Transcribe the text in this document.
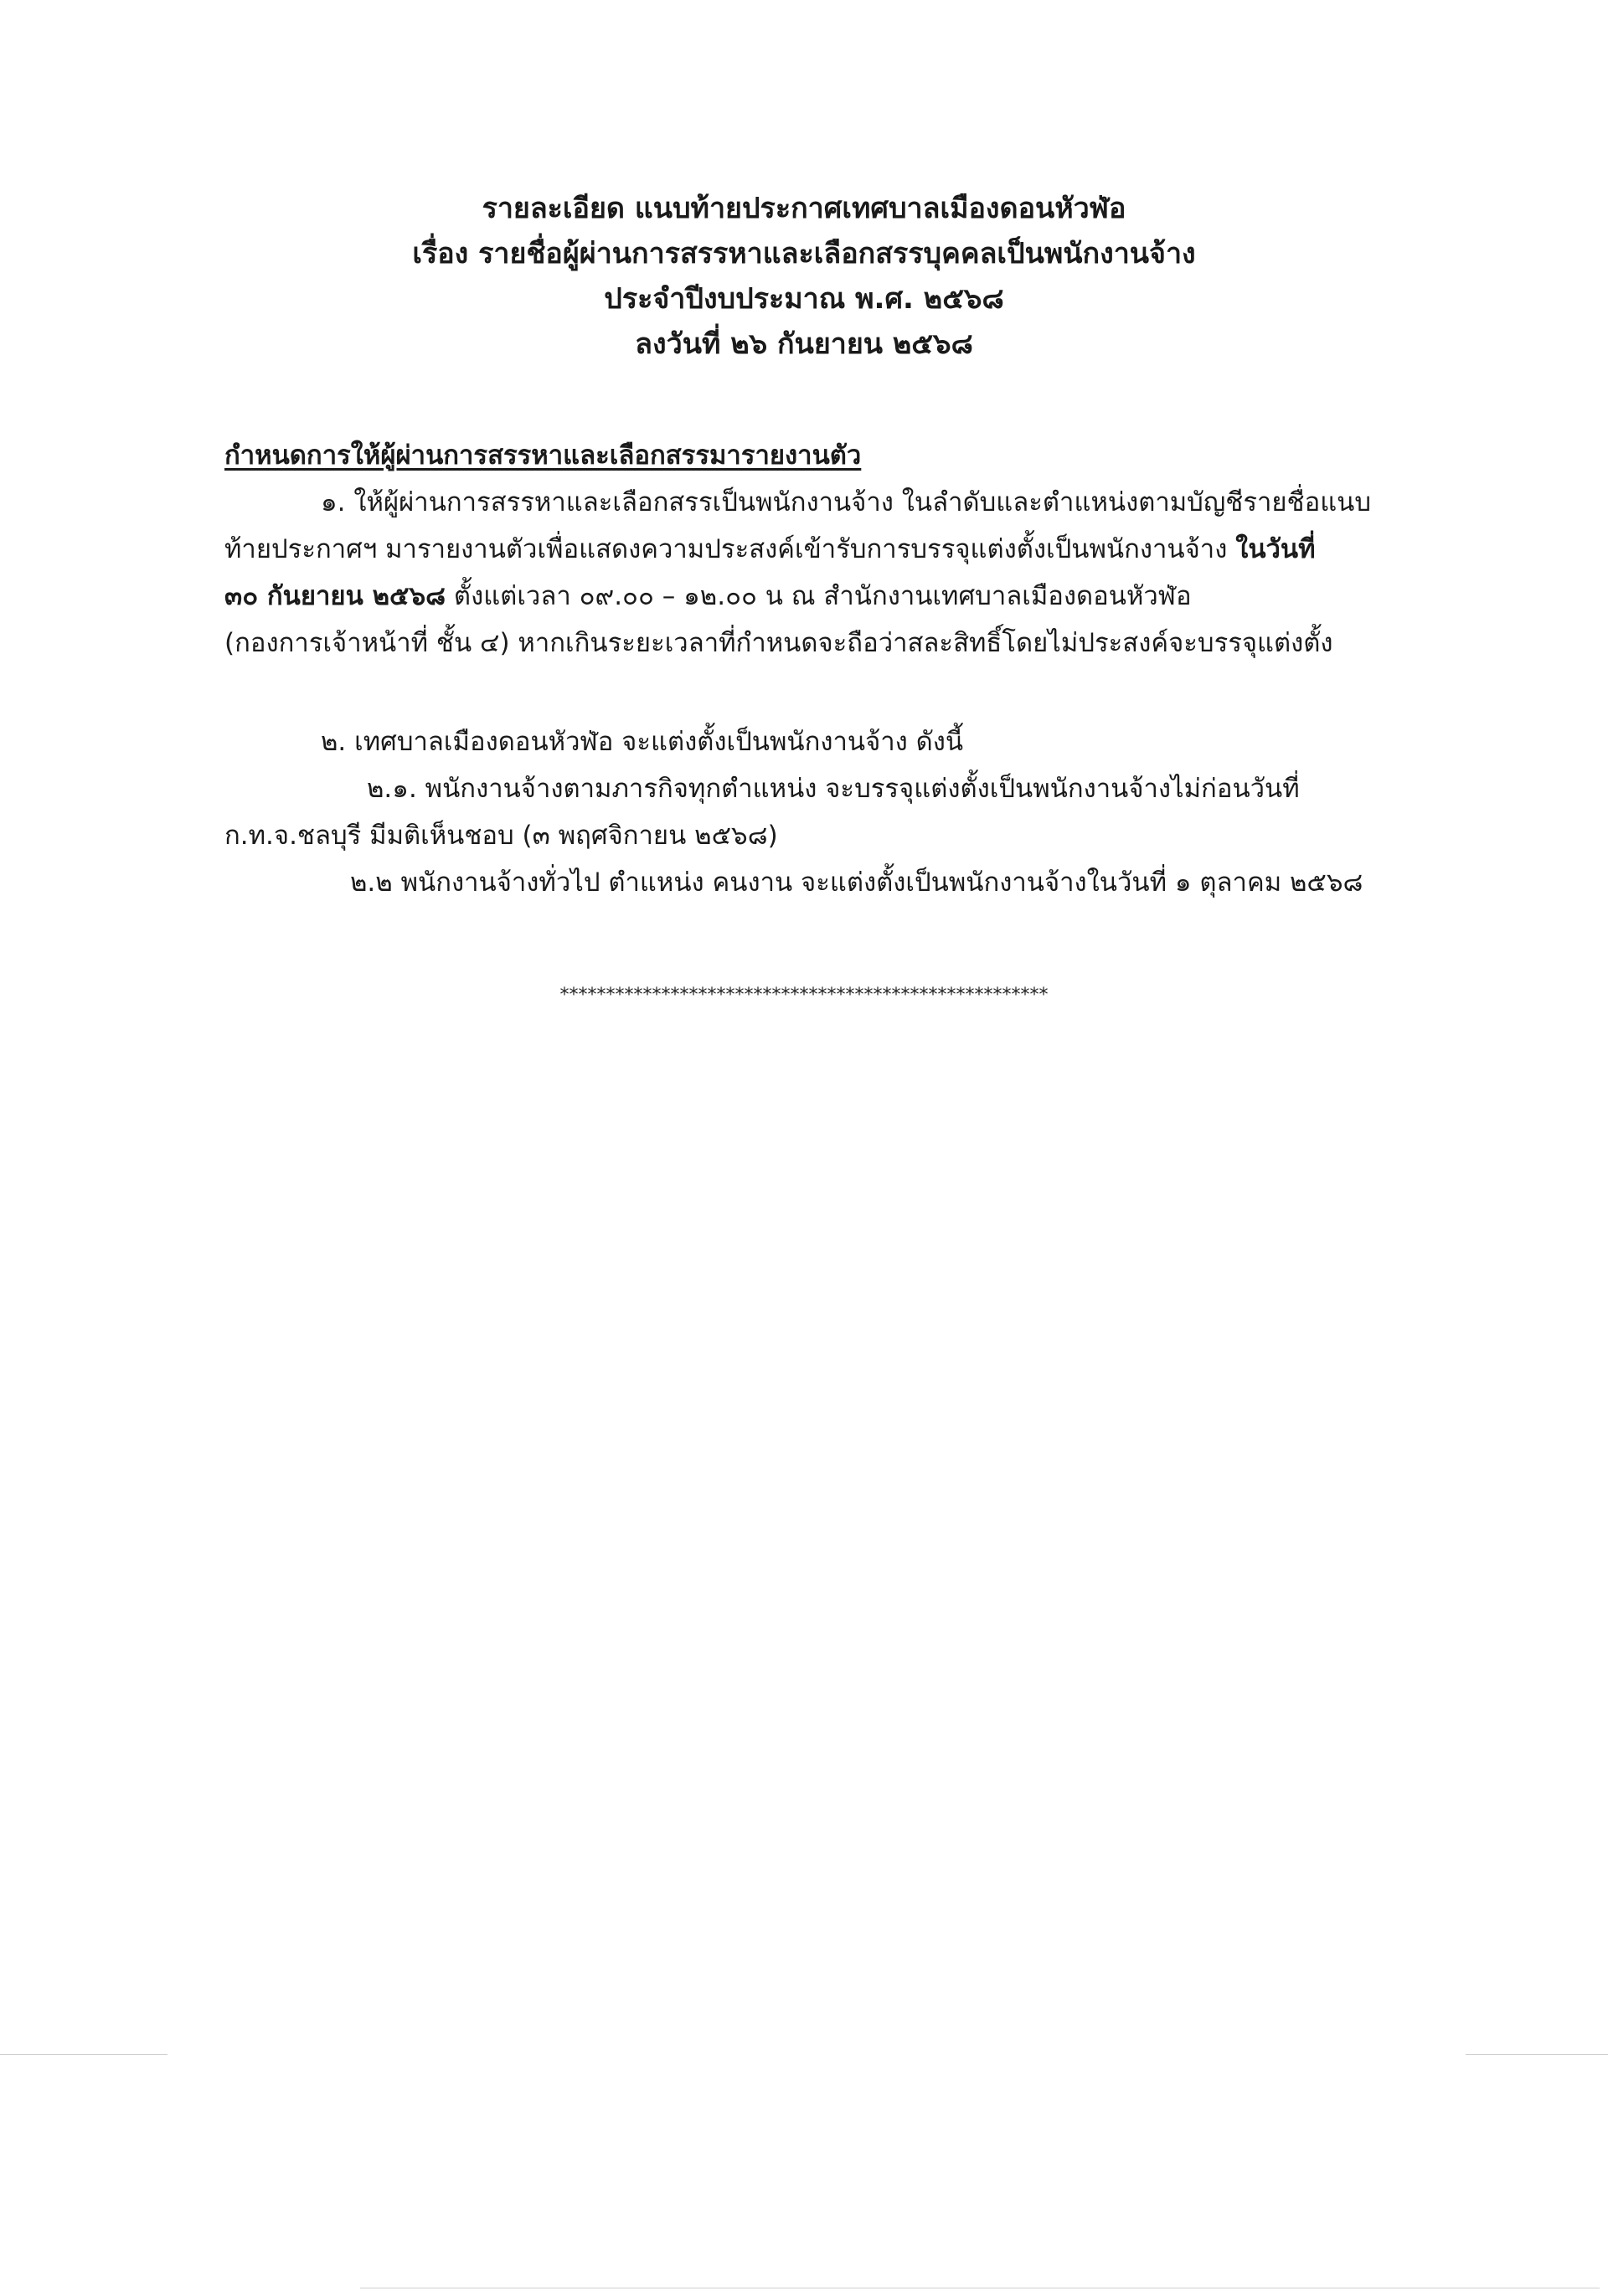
รายละเอียด แนบท้ายประกาศเทศบาลเมืองดอนหัวฬ่อ
เรื่อง รายชื่อผู้ผ่านการสรรหาและเลือกสรรบุคคลเป็นพนักงานจ้าง
ประจำปีงบประมาณ พ.ศ. ๒๕๖๘
ลงวันที่ ๒๖ กันยายน ๒๕๖๘
กำหนดการให้ผู้ผ่านการสรรหาและเลือกสรรมารายงานตัว
๑. ให้ผู้ผ่านการสรรหาและเลือกสรรเป็นพนักงานจ้าง ในลำดับและตำแหน่งตามบัญชีรายชื่อแนบ
ท้ายประกาศฯ มารายงานตัวเพื่อแสดงความประสงค์เข้ารับการบรรจุแต่งตั้งเป็นพนักงานจ้าง ในวันที่
๓๐ กันยายน ๒๕๖๘ ตั้งแต่เวลา ๐๙.๐๐ – ๑๒.๐๐ น ณ สำนักงานเทศบาลเมืองดอนหัวฬ่อ
(กองการเจ้าหน้าที่ ชั้น ๔) หากเกินระยะเวลาที่กำหนดจะถือว่าสละสิทธิ์โดยไม่ประสงค์จะบรรจุแต่งตั้ง
๒. เทศบาลเมืองดอนหัวฬ่อ จะแต่งตั้งเป็นพนักงานจ้าง ดังนี้
๒.๑. พนักงานจ้างตามภารกิจทุกตำแหน่ง จะบรรจุแต่งตั้งเป็นพนักงานจ้างไม่ก่อนวันที่
ก.ท.จ.ชลบุรี มีมติเห็นชอบ (๓ พฤศจิกายน ๒๕๖๘)
๒.๒ พนักงานจ้างทั่วไป ตำแหน่ง คนงาน จะแต่งตั้งเป็นพนักงานจ้างในวันที่ ๑ ตุลาคม ๒๕๖๘
*****************************************************
